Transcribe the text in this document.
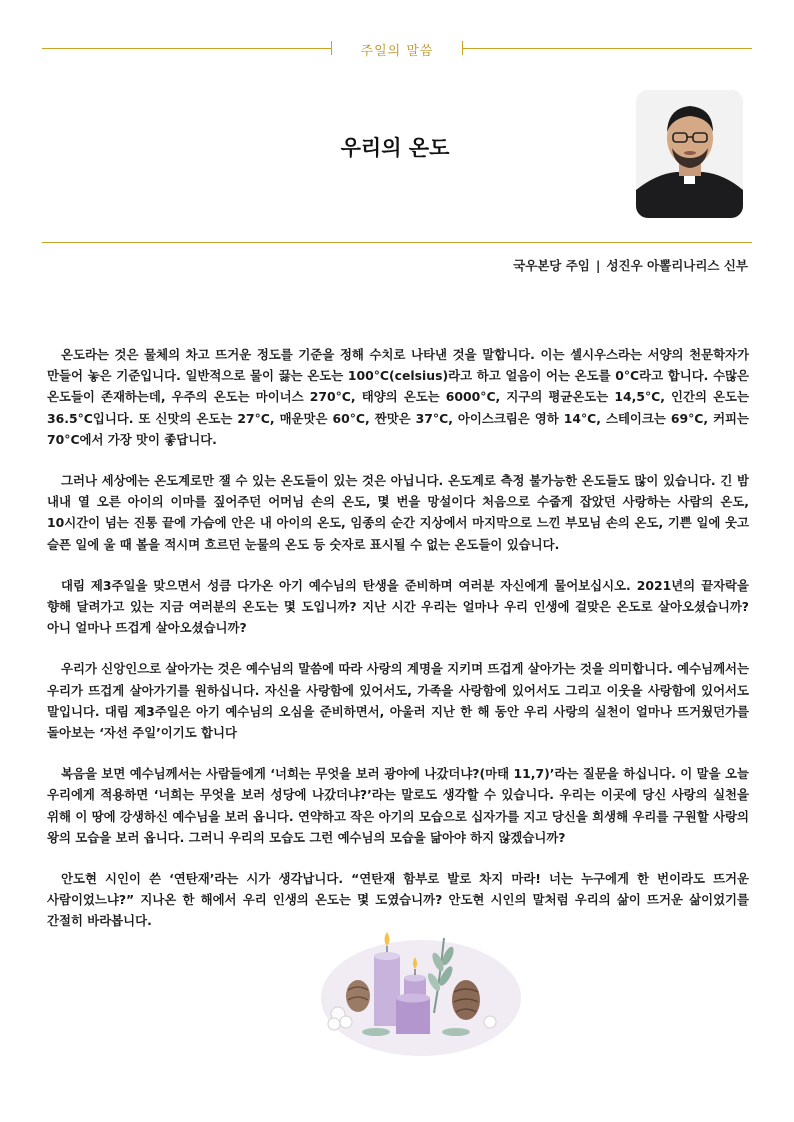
주일의 말씀
우리의 온도
국우본당 주임 | 성진우 아뽈리나리스 신부

온도라는 것은 물체의 차고 뜨거운 정도를 기준을 정해 수치로 나타낸 것을 말합니다. 이는 셀시우스라는 서양의 천문학자가 만들어 놓은 기준입니다. 일반적으로 물이 끓는 온도는 100°C(celsius)라고 하고 얼음이 어는 온도를 0°C라고 합니다. 수많은 온도들이 존재하는데, 우주의 온도는 마이너스 270°C, 태양의 온도는 6000°C, 지구의 평균온도는 14,5°C, 인간의 온도는 36.5°C입니다. 또 신맛의 온도는 27°C, 매운맛은 60°C, 짠맛은 37°C, 아이스크림은 영하 14°C, 스테이크는 69°C, 커피는 70°C에서 가장 맛이 좋답니다.

그러나 세상에는 온도계로만 잴 수 있는 온도들이 있는 것은 아닙니다. 온도계로 측정 불가능한 온도들도 많이 있습니다. 긴 밤 내내 열 오른 아이의 이마를 짚어주던 어머님 손의 온도, 몇 번을 망설이다 처음으로 수줍게 잡았던 사랑하는 사람의 온도, 10시간이 넘는 진통 끝에 가슴에 안은 내 아이의 온도, 임종의 순간 지상에서 마지막으로 느낀 부모님 손의 온도, 기쁜 일에 웃고 슬픈 일에 울 때 볼을 적시며 흐르던 눈물의 온도 등 숫자로 표시될 수 없는 온도들이 있습니다.

대림 제3주일을 맞으면서 성큼 다가온 아기 예수님의 탄생을 준비하며 여러분 자신에게 물어보십시오. 2021년의 끝자락을 향해 달려가고 있는 지금 여러분의 온도는 몇 도입니까? 지난 시간 우리는 얼마나 우리 인생에 걸맞은 온도로 살아오셨습니까? 아니 얼마나 뜨겁게 살아오셨습니까?

우리가 신앙인으로 살아가는 것은 예수님의 말씀에 따라 사랑의 계명을 지키며 뜨겁게 살아가는 것을 의미합니다. 예수님께서는 우리가 뜨겁게 살아가기를 원하십니다. 자신을 사랑함에 있어서도, 가족을 사랑함에 있어서도 그리고 이웃을 사랑함에 있어서도 말입니다. 대림 제3주일은 아기 예수님의 오심을 준비하면서, 아울러 지난 한 해 동안 우리 사랑의 실천이 얼마나 뜨거웠던가를 돌아보는 ‘자선 주일’이기도 합니다

복음을 보면 예수님께서는 사람들에게 ‘너희는 무엇을 보러 광야에 나갔더냐?(마태 11,7)’라는 질문을 하십니다. 이 말을 오늘 우리에게 적용하면 ‘너희는 무엇을 보러 성당에 나갔더냐?’라는 말로도 생각할 수 있습니다. 우리는 이곳에 당신 사랑의 실천을 위해 이 땅에 강생하신 예수님을 보러 옵니다. 연약하고 작은 아기의 모습으로 십자가를 지고 당신을 희생해 우리를 구원할 사랑의 왕의 모습을 보러 옵니다. 그러니 우리의 모습도 그런 예수님의 모습을 닮아야 하지 않겠습니까?

안도현 시인이 쓴 ‘연탄재’라는 시가 생각납니다. “연탄재 함부로 발로 차지 마라! 너는 누구에게 한 번이라도 뜨거운 사람이었느냐?” 지나온 한 해에서 우리 인생의 온도는 몇 도였습니까? 안도현 시인의 말처럼 우리의 삶이 뜨거운 삶이었기를 간절히 바라봅니다.
